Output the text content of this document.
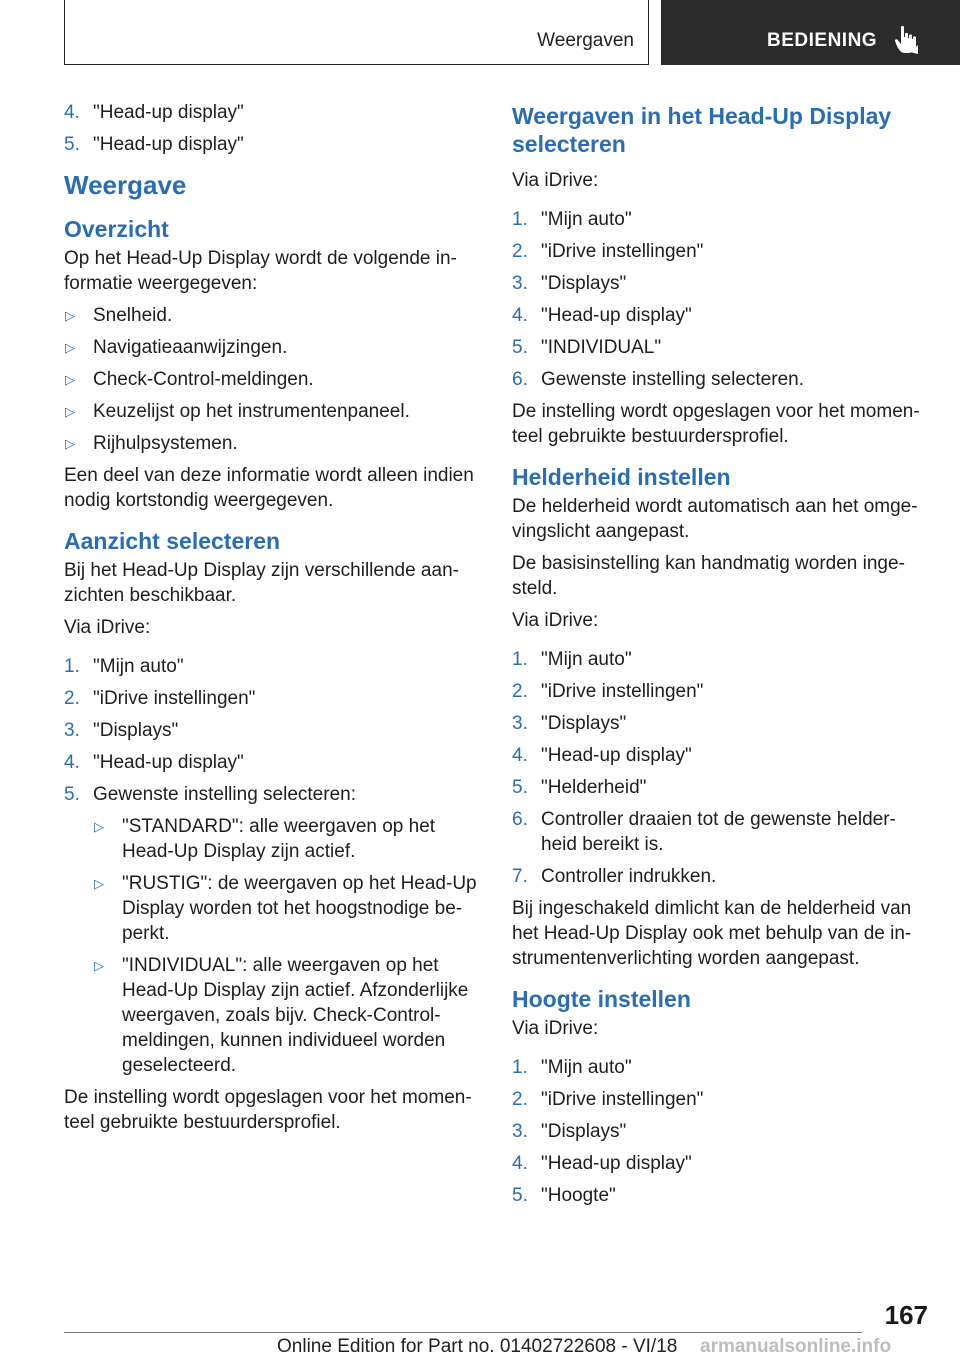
Weergaven	BEDIENING
4. "Head-up display"
5. "Head-up display"
Weergave
Overzicht
Op het Head-Up Display wordt de volgende in-formatie weergegeven:
▷ Snelheid.
▷ Navigatieaanwijzingen.
▷ Check-Control-meldingen.
▷ Keuzelijst op het instrumentenpaneel.
▷ Rijhulpsystemen.
Een deel van deze informatie wordt alleen indien nodig kortstondig weergegeven.
Aanzicht selecteren
Bij het Head-Up Display zijn verschillende aan-zichten beschikbaar.
Via iDrive:
1. "Mijn auto"
2. "iDrive instellingen"
3. "Displays"
4. "Head-up display"
5. Gewenste instelling selecteren:
▷ "STANDARD": alle weergaven op het Head-Up Display zijn actief.
▷ "RUSTIG": de weergaven op het Head-Up Display worden tot het hoogstnodige be-perkt.
▷ "INDIVIDUAL": alle weergaven op het Head-Up Display zijn actief. Afzonderlijke weergaven, zoals bijv. Check-Control-meldingen, kunnen individueel worden geselecteerd.
De instelling wordt opgeslagen voor het momen-teel gebruikte bestuurdersprofiel.
Weergaven in het Head-Up Display selecteren
Via iDrive:
1. "Mijn auto"
2. "iDrive instellingen"
3. "Displays"
4. "Head-up display"
5. "INDIVIDUAL"
6. Gewenste instelling selecteren.
De instelling wordt opgeslagen voor het momen-teel gebruikte bestuurdersprofiel.
Helderheid instellen
De helderheid wordt automatisch aan het omge-vingslicht aangepast.
De basisinstelling kan handmatig worden inge-steld.
Via iDrive:
1. "Mijn auto"
2. "iDrive instellingen"
3. "Displays"
4. "Head-up display"
5. "Helderheid"
6. Controller draaien tot de gewenste helder-heid bereikt is.
7. Controller indrukken.
Bij ingeschakeld dimlicht kan de helderheid van het Head-Up Display ook met behulp van de in-strumentenverlichting worden aangepast.
Hoogte instellen
Via iDrive:
1. "Mijn auto"
2. "iDrive instellingen"
3. "Displays"
4. "Head-up display"
5. "Hoogte"
167
Online Edition for Part no. 01402722608 - VI/18 armanualsonline.info
